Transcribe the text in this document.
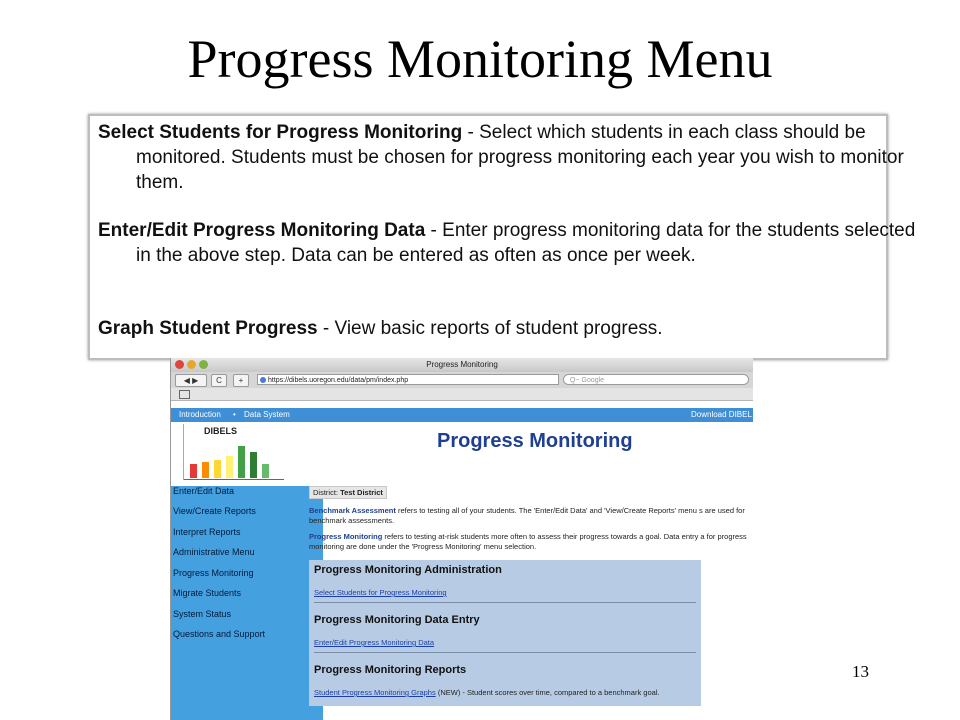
Progress Monitoring Menu
Select Students for Progress Monitoring - Select which students in each class should be monitored. Students must be chosen for progress monitoring each year you wish to monitor them.
Enter/Edit Progress Monitoring Data - Enter progress monitoring data for the students selected in the above step. Data can be entered as often as once per week.
Graph Student Progress - View basic reports of student progress.
Progress Monitoring
◀ ▶	C	+	https://dibels.uoregon.edu/data/pm/index.php	Q~ Google
Introduction • Data System	Download DIBEL
DIBELS	Progress Monitoring
Enter/Edit Data
View/Create Reports
Interpret Reports
Administrative Menu
Progress Monitoring
Migrate Students
System Status
Questions and Support
District: Test District
Benchmark Assessment refers to testing all of your students. The 'Enter/Edit Data' and 'View/Create Reports' menu s are used for benchmark assessments.
Progress Monitoring refers to testing at-risk students more often to assess their progress towards a goal. Data entry a for progress monitoring are done under the 'Progress Monitoring' menu selection.
Progress Monitoring Administration
Select Students for Progress Monitoring
Progress Monitoring Data Entry
Enter/Edit Progress Monitoring Data
Progress Monitoring Reports
Student Progress Monitoring Graphs (NEW) - Student scores over time, compared to a benchmark goal.
13
